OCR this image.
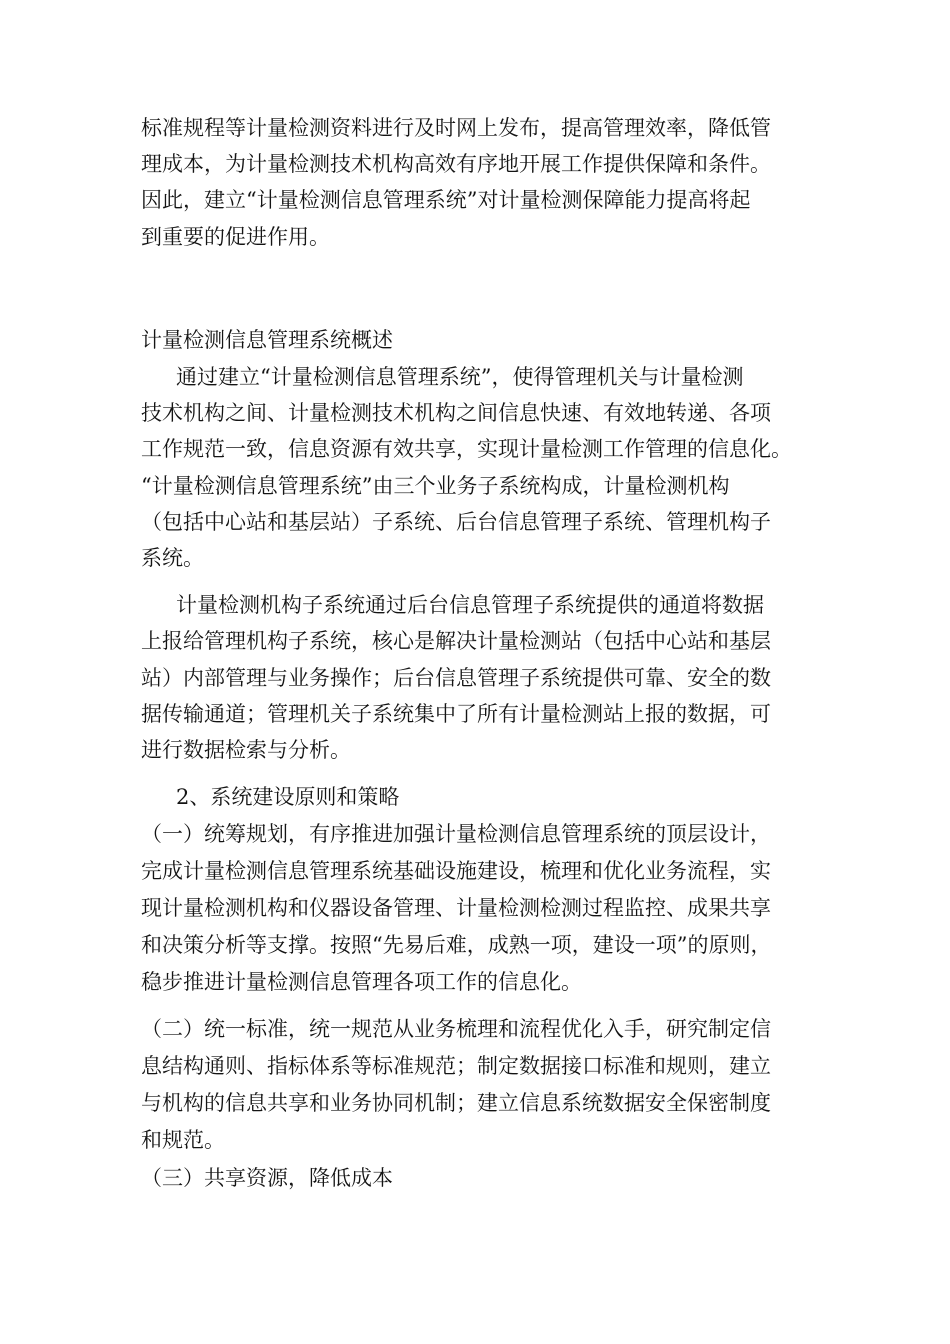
标准规程等计量检测资料进行及时网上发布，提高管理效率，降低管
理成本，为计量检测技术机构高效有序地开展工作提供保障和条件。
因此，建立“计量检测信息管理系统”对计量检测保障能力提高将起
到重要的促进作用。
计量检测信息管理系统概述
通过建立“计量检测信息管理系统”，使得管理机关与计量检测
技术机构之间、计量检测技术机构之间信息快速、有效地转递、各项
工作规范一致，信息资源有效共享，实现计量检测工作管理的信息化。
“计量检测信息管理系统”由三个业务子系统构成，计量检测机构
（包括中心站和基层站）子系统、后台信息管理子系统、管理机构子
系统。
计量检测机构子系统通过后台信息管理子系统提供的通道将数据
上报给管理机构子系统，核心是解决计量检测站（包括中心站和基层
站）内部管理与业务操作；后台信息管理子系统提供可靠、安全的数
据传输通道；管理机关子系统集中了所有计量检测站上报的数据，可
进行数据检索与分析。
2、系统建设原则和策略
（一）统筹规划，有序推进加强计量检测信息管理系统的顶层设计，
完成计量检测信息管理系统基础设施建设，梳理和优化业务流程，实
现计量检测机构和仪器设备管理、计量检测检测过程监控、成果共享
和决策分析等支撑。按照“先易后难，成熟一项，建设一项”的原则，
稳步推进计量检测信息管理各项工作的信息化。
（二）统一标准，统一规范从业务梳理和流程优化入手，研究制定信
息结构通则、指标体系等标准规范；制定数据接口标准和规则，建立
与机构的信息共享和业务协同机制；建立信息系统数据安全保密制度
和规范。
（三）共享资源，降低成本
